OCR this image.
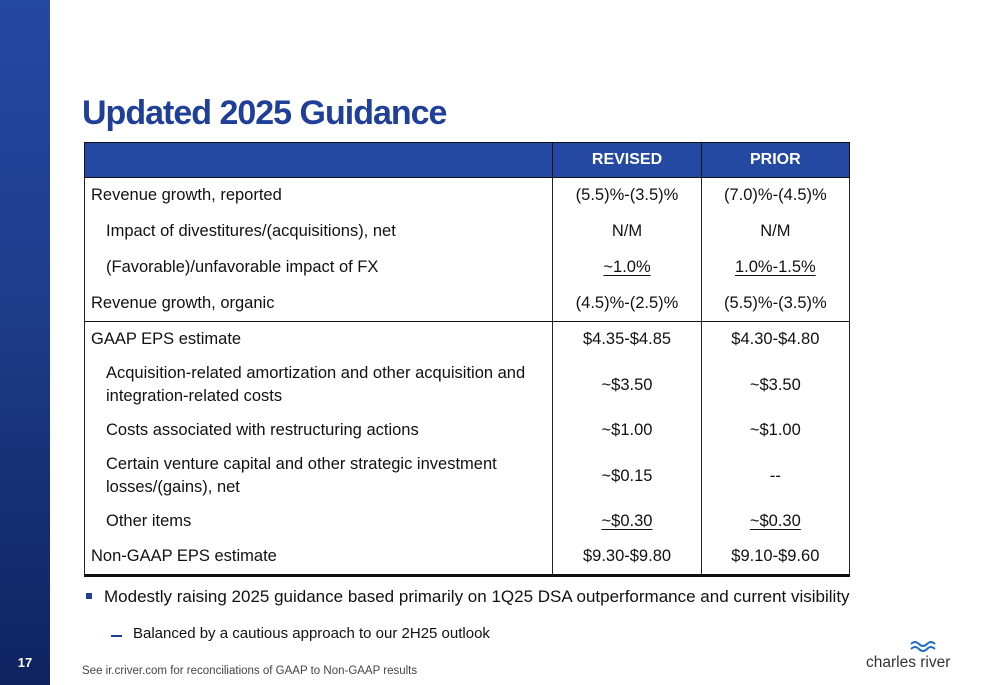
17
Updated 2025 Guidance
	REVISED	PRIOR
Revenue growth, reported	(5.5)%-(3.5)%	(7.0)%-(4.5)%
Impact of divestitures/(acquisitions), net	N/M	N/M
(Favorable)/unfavorable impact of FX	~1.0%	1.0%-1.5%
Revenue growth, organic	(4.5)%-(2.5)%	(5.5)%-(3.5)%
GAAP EPS estimate	$4.35-$4.85	$4.30-$4.80

Acquisition-related amortization and other acquisition and integration-related costs	~$3.50	~$3.50
Costs associated with restructuring actions	~$1.00	~$1.00

Certain venture capital and other strategic investment losses/(gains), net	~$0.15	--
Other items	~$0.30	~$0.30
Non-GAAP EPS estimate	$9.30-$9.80	$9.10-$9.60
Modestly raising 2025 guidance based primarily on 1Q25 DSA outperformance and current visibility
Balanced by a cautious approach to our 2H25 outlook
See ir.criver.com for reconciliations of GAAP to Non-GAAP results	charles river
